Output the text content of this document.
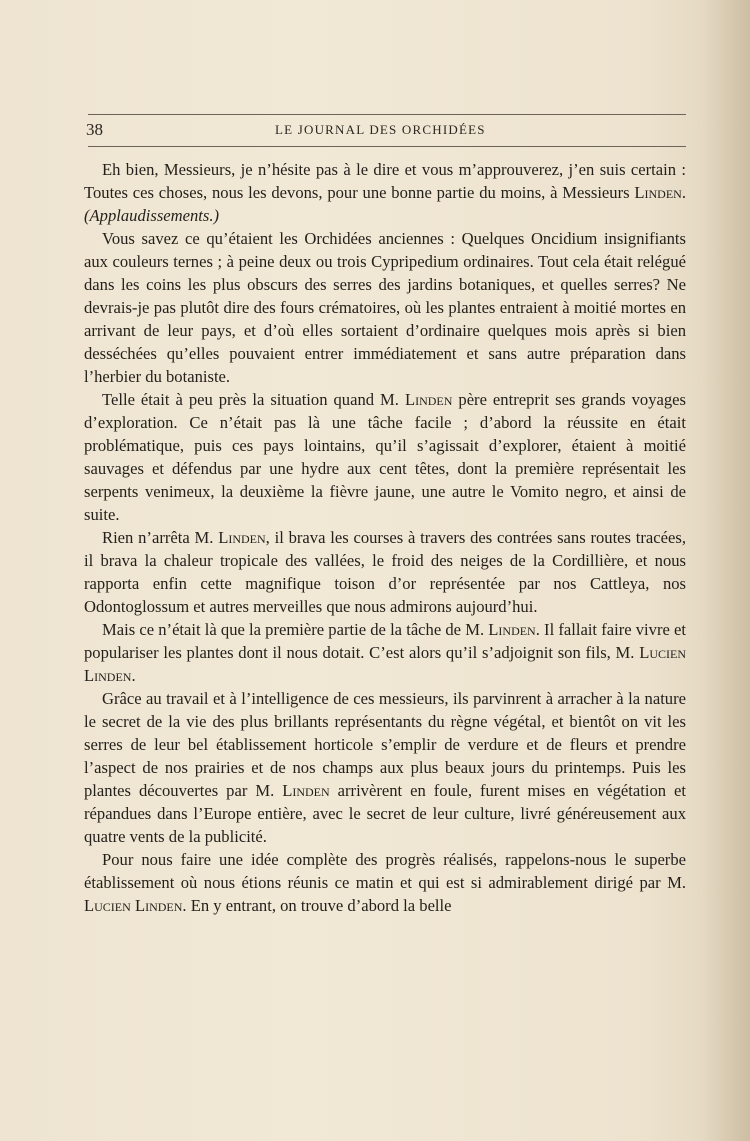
38	LE JOURNAL DES ORCHIDÉES

Eh bien, Messieurs, je n’hésite pas à le dire et vous m’approuverez, j’en suis certain : Toutes ces choses, nous les devons, pour une bonne partie du moins, à Messieurs Linden. (Applaudissements.)

Vous savez ce qu’étaient les Orchidées anciennes : Quelques Oncidium insignifiants aux couleurs ternes ; à peine deux ou trois Cypripedium ordinaires. Tout cela était relégué dans les coins les plus obscurs des serres des jardins botaniques, et quelles serres? Ne devrais-je pas plutôt dire des fours crématoires, où les plantes entraient à moitié mortes en arrivant de leur pays, et d’où elles sortaient d’ordinaire quelques mois après si bien desséchées qu’elles pouvaient entrer immédiatement et sans autre préparation dans l’herbier du botaniste.

Telle était à peu près la situation quand M. Linden père entreprit ses grands voyages d’exploration. Ce n’était pas là une tâche facile ; d’abord la réussite en était problématique, puis ces pays lointains, qu’il s’agissait d’explorer, étaient à moitié sauvages et défendus par une hydre aux cent têtes, dont la première représentait les serpents venimeux, la deuxième la fièvre jaune, une autre le Vomito negro, et ainsi de suite.

Rien n’arrêta M. Linden, il brava les courses à travers des contrées sans routes tracées, il brava la chaleur tropicale des vallées, le froid des neiges de la Cordillière, et nous rapporta enfin cette magnifique toison d’or représentée par nos Cattleya, nos Odontoglossum et autres merveilles que nous admirons aujourd’hui.

Mais ce n’était là que la première partie de la tâche de M. Linden. Il fallait faire vivre et populariser les plantes dont il nous dotait. C’est alors qu’il s’adjoignit son fils, M. Lucien Linden.

Grâce au travail et à l’intelligence de ces messieurs, ils parvinrent à arracher à la nature le secret de la vie des plus brillants représentants du règne végétal, et bientôt on vit les serres de leur bel établissement horticole s’emplir de verdure et de fleurs et prendre l’aspect de nos prairies et de nos champs aux plus beaux jours du printemps. Puis les plantes découvertes par M. Linden arrivèrent en foule, furent mises en végétation et répandues dans l’Europe entière, avec le secret de leur culture, livré généreusement aux quatre vents de la publicité.

Pour nous faire une idée complète des progrès réalisés, rappelons-nous le superbe établissement où nous étions réunis ce matin et qui est si admirablement dirigé par M. Lucien Linden. En y entrant, on trouve d’abord la belle
